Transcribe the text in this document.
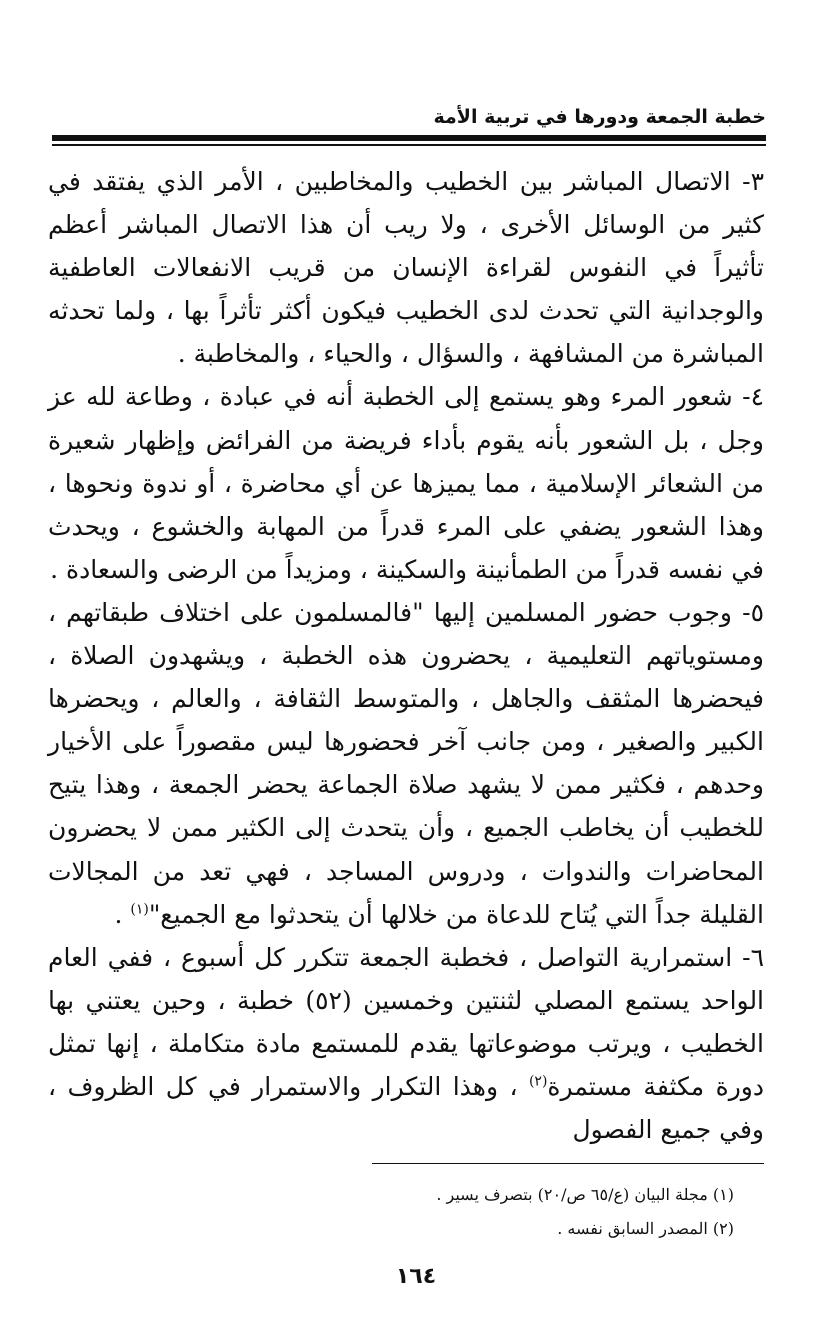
خطبة الجمعة ودورها في تربية الأمة

٣- الاتصال المباشر بين الخطيب والمخاطبين ، الأمر الذي يفتقد في كثير من الوسائل الأخرى ، ولا ريب أن هذا الاتصال المباشر أعظم تأثيراً في النفوس لقراءة الإنسان من قريب الانفعالات العاطفية والوجدانية التي تحدث لدى الخطيب فيكون أكثر تأثراً بها ، ولما تحدثه المباشرة من المشافهة ، والسؤال ، والحياء ، والمخاطبة .

٤- شعور المرء وهو يستمع إلى الخطبة أنه في عبادة ، وطاعة لله عز وجل ، بل الشعور بأنه يقوم بأداء فريضة من الفرائض وإظهار شعيرة من الشعائر الإسلامية ، مما يميزها عن أي محاضرة ، أو ندوة ونحوها ، وهذا الشعور يضفي على المرء قدراً من المهابة والخشوع ، ويحدث في نفسه قدراً من الطمأنينة والسكينة ، ومزيداً من الرضى والسعادة .

٥- وجوب حضور المسلمين إليها "فالمسلمون على اختلاف طبقاتهم ، ومستوياتهم التعليمية ، يحضرون هذه الخطبة ، ويشهدون الصلاة ، فيحضرها المثقف والجاهل ، والمتوسط الثقافة ، والعالم ، ويحضرها الكبير والصغير ، ومن جانب آخر فحضورها ليس مقصوراً على الأخيار وحدهم ، فكثير ممن لا يشهد صلاة الجماعة يحضر الجمعة ، وهذا يتيح للخطيب أن يخاطب الجميع ، وأن يتحدث إلى الكثير ممن لا يحضرون المحاضرات والندوات ، ودروس المساجد ، فهي تعد من المجالات القليلة جداً التي يُتاح للدعاة من خلالها أن يتحدثوا مع الجميع"$^{(١)}$ .

٦- استمرارية التواصل ، فخطبة الجمعة تتكرر كل أسبوع ، ففي العام الواحد يستمع المصلي لثنتين وخمسين (٥٢) خطبة ، وحين يعتني بها الخطيب ، ويرتب موضوعاتها يقدم للمستمع مادة متكاملة ، إنها تمثل دورة مكثفة مستمرة$^{(٢)}$ ، وهذا التكرار والاستمرار في كل الظروف ، وفي جميع الفصول

(١) مجلة البيان (ع/٦٥ ص/٢٠) بتصرف يسير .
(٢) المصدر السابق نفسه .
١٦٤
